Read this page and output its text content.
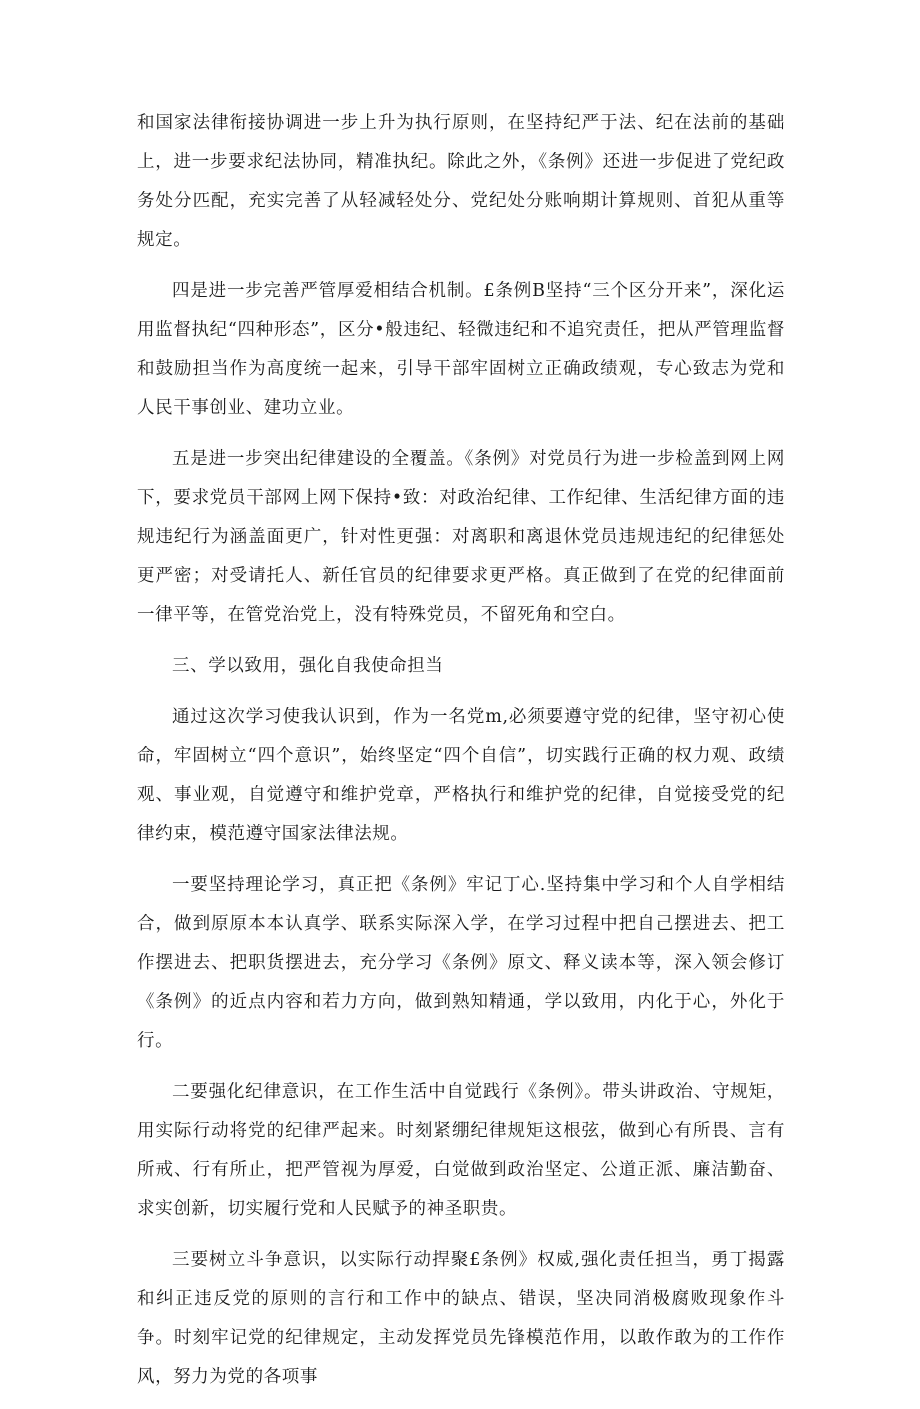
和国家法律衔接协调进一步上升为执行原则，在坚持纪严于法、纪在法前的基础上，进一步要求纪法协同，精准执纪。除此之外，《条例》还进一步促进了党纪政务处分匹配，充实完善了从轻减轻处分、党纪处分账响期计算规则、首犯从重等规定。

四是进一步完善严管厚爱相结合机制。£条例B坚持“三个区分开来”，深化运用监督执纪“四种形态”，区分•般违纪、轻微违纪和不追究责任，把从严管理监督和鼓励担当作为高度统一起来，引导干部牢固树立正确政绩观，专心致志为党和人民干事创业、建功立业。

五是进一步突出纪律建设的全覆盖。《条例》对党员行为进一步检盖到网上网下，要求党员干部网上网下保持•致：对政治纪律、工作纪律、生活纪律方面的违规违纪行为涵盖面更广，针对性更强：对离职和离退休党员违规违纪的纪律惩处更严密；对受请托人、新任官员的纪律要求更严格。真正做到了在党的纪律面前一律平等，在管党治党上，没有特殊党员，不留死角和空白。

三、学以致用，强化自我使命担当

通过这次学习使我认识到，作为一名党m,必须要遵守党的纪律，坚守初心使命，牢固树立“四个意识”，始终坚定“四个自信”，切实践行正确的权力观、政绩观、事业观，自觉遵守和维护党章，严格执行和维护党的纪律，自觉接受党的纪律约束，模范遵守国家法律法规。

一要坚持理论学习，真正把《条例》牢记丁心.坚持集中学习和个人自学相结合，做到原原本本认真学、联系实际深入学，在学习过程中把自己摆进去、把工作摆进去、把职货摆进去，充分学习《条例》原文、释义读本等，深入领会修订《条例》的近点内容和若力方向，做到熟知精通，学以致用，内化于心，外化于行。

二要强化纪律意识，在工作生活中自觉践行《条例》。带头讲政治、守规矩，用实际行动将党的纪律严起来。时刻紧绷纪律规矩这根弦，做到心有所畏、言有所戒、行有所止，把严管视为厚爱，白觉做到政治坚定、公道正派、廉洁勤奋、求实创新，切实履行党和人民赋予的神圣职贵。

三要树立斗争意识，以实际行动捍聚£条例》权威,强化责任担当，勇丁揭露和纠正违反党的原则的言行和工作中的缺点、错误，坚决同消极腐败现象作斗争。时刻牢记党的纪律规定，主动发挥党员先锋模范作用，以敢作敢为的工作作风，努力为党的各项事
